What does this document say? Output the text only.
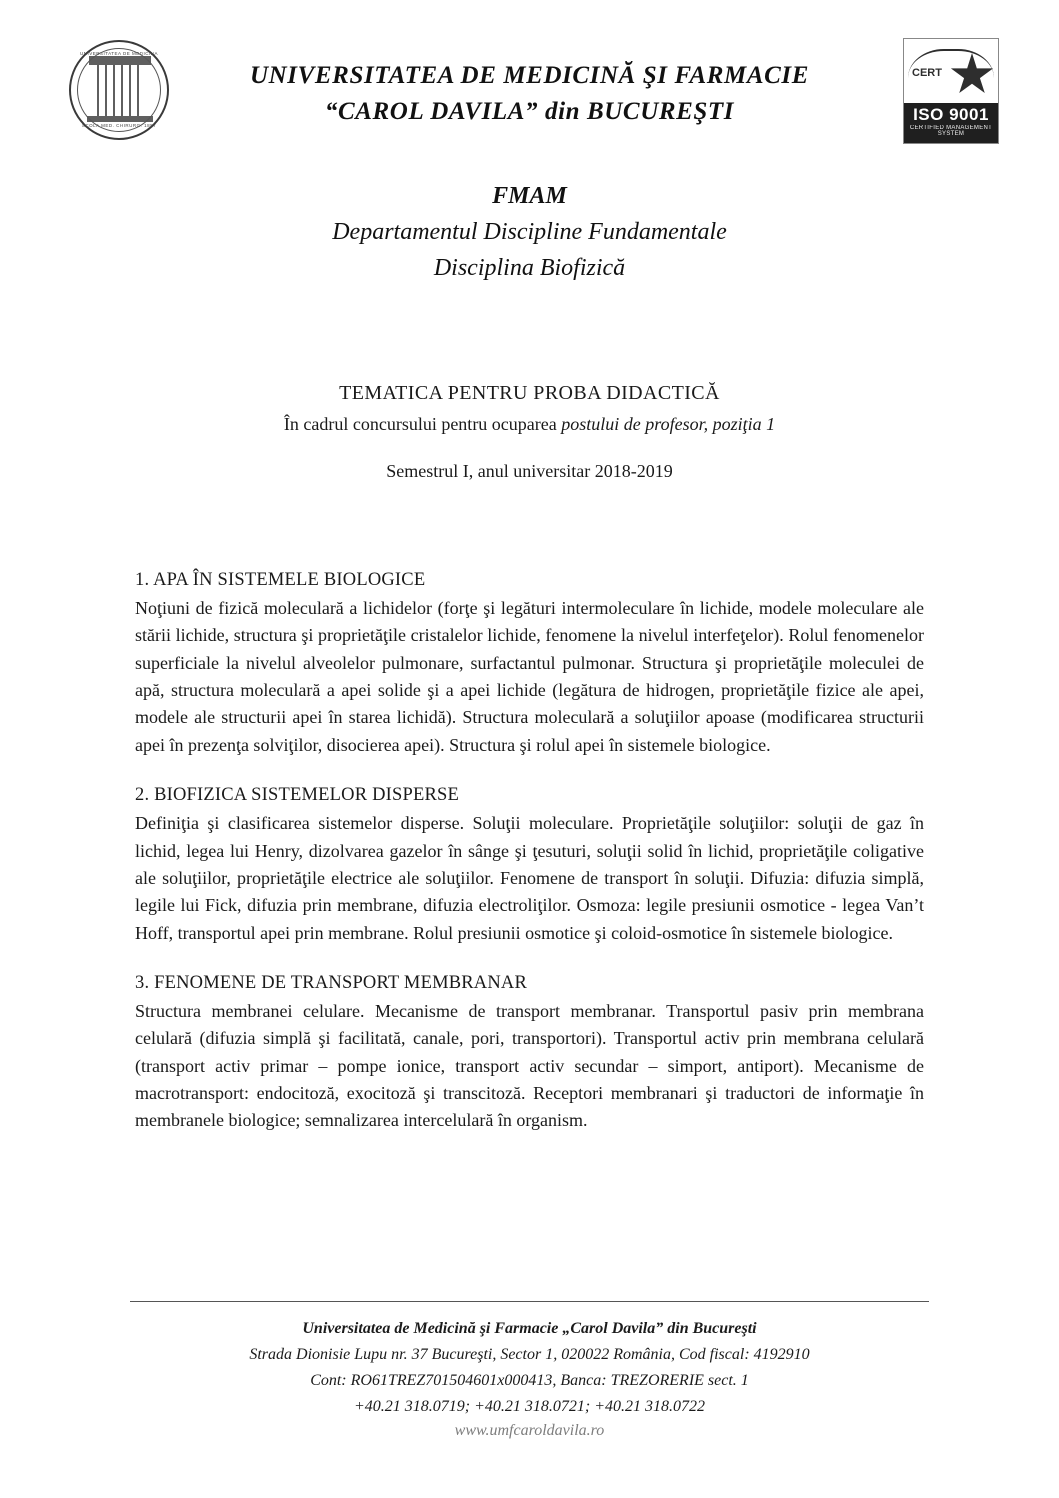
UNIVERSITATEA DE MEDICINA
SCOLA MED. CHIRURG. 1857
UNIVERSITATEA DE MEDICINĂ ŞI FARMACIE
“CAROL DAVILA” din BUCUREŞTI
CERT
ISO 9001
CERTIFIED MANAGEMENT SYSTEM
FMAM
Departamentul Discipline Fundamentale
Disciplina Biofizică
TEMATICA PENTRU PROBA DIDACTICĂ
În cadrul concursului pentru ocuparea postului de profesor, poziţia 1
Semestrul I, anul universitar 2018-2019
1. APA ÎN SISTEMELE BIOLOGICE

Noţiuni de fizică moleculară a lichidelor (forţe şi legături intermoleculare în lichide, modele moleculare ale stării lichide, structura şi proprietăţile cristalelor lichide, fenomene la nivelul interfeţelor). Rolul fenomenelor superficiale la nivelul alveolelor pulmonare, surfactantul pulmonar. Structura şi proprietăţile moleculei de apă, structura moleculară a apei solide şi a apei lichide (legătura de hidrogen, proprietăţile fizice ale apei, modele ale structurii apei în starea lichidă). Structura moleculară a soluţiilor apoase (modificarea structurii apei în prezenţa solviţilor, disocierea apei). Structura şi rolul apei în sistemele biologice.

2. BIOFIZICA SISTEMELOR DISPERSE

Definiţia şi clasificarea sistemelor disperse. Soluţii moleculare. Proprietăţile soluţiilor: soluţii de gaz în lichid, legea lui Henry, dizolvarea gazelor în sânge şi ţesuturi, soluţii solid în lichid, proprietăţile coligative ale soluţiilor, proprietăţile electrice ale soluţiilor. Fenomene de transport în soluţii. Difuzia: difuzia simplă, legile lui Fick, difuzia prin membrane, difuzia electroliţilor. Osmoza: legile presiunii osmotice - legea Van’t Hoff, transportul apei prin membrane. Rolul presiunii osmotice şi coloid-osmotice în sistemele biologice.

3. FENOMENE DE TRANSPORT MEMBRANAR

Structura membranei celulare. Mecanisme de transport membranar. Transportul pasiv prin membrana celulară (difuzia simplă şi facilitată, canale, pori, transportori). Transportul activ prin membrana celulară (transport activ primar – pompe ionice, transport activ secundar – simport, antiport). Mecanisme de macrotransport: endocitoză, exocitoză şi transcitoză. Receptori membranari şi traductori de informaţie în membranele biologice; semnalizarea intercelulară în organism.

Universitatea de Medicină şi Farmacie „Carol Davila” din Bucureşti
Strada Dionisie Lupu nr. 37 Bucureşti, Sector 1, 020022 România, Cod fiscal: 4192910
Cont: RO61TREZ701504601x000413, Banca: TREZORERIE sect. 1
+40.21 318.0719; +40.21 318.0721; +40.21 318.0722
www.umfcaroldavila.ro
